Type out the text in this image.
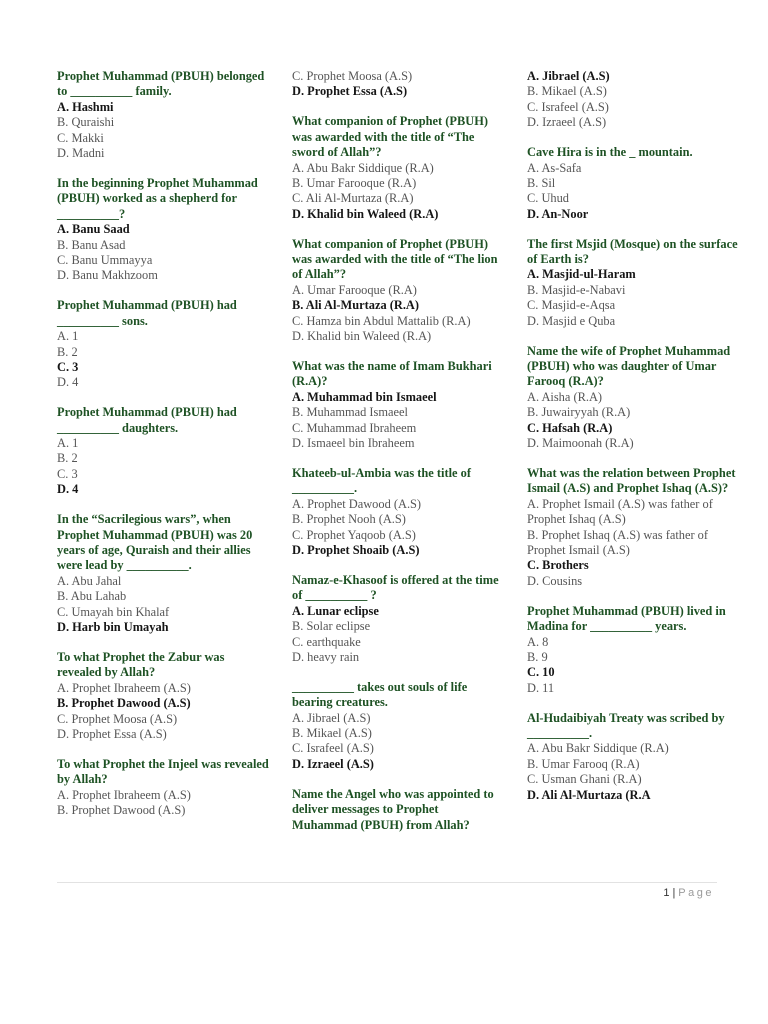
Prophet Muhammad (PBUH) belonged to __________ family.

A. Hashmi

B. Quraishi

C. Makki

D. Madni

In the beginning Prophet Muhammad (PBUH) worked as a shepherd for __________?

A. Banu Saad

B. Banu Asad

C. Banu Ummayya

D. Banu Makhzoom

Prophet Muhammad (PBUH) had __________ sons.

A. 1

B. 2

C. 3

D. 4

Prophet Muhammad (PBUH) had __________ daughters.

A. 1

B. 2

C. 3

D. 4

In the “Sacrilegious wars”, when Prophet Muhammad (PBUH) was 20 years of age, Quraish and their allies were lead by __________.

A. Abu Jahal

B. Abu Lahab

C. Umayah bin Khalaf

D. Harb bin Umayah

To what Prophet the Zabur was revealed by Allah?

A. Prophet Ibraheem (A.S)

B. Prophet Dawood (A.S)

C. Prophet Moosa (A.S)

D. Prophet Essa (A.S)

To what Prophet the Injeel was revealed by Allah?

A. Prophet Ibraheem (A.S)

B. Prophet Dawood (A.S)

C. Prophet Moosa (A.S)

D. Prophet Essa (A.S)

What companion of Prophet (PBUH) was awarded with the title of “The sword of Allah”?

A. Abu Bakr Siddique (R.A)

B. Umar Farooque (R.A)

C. Ali Al-Murtaza (R.A)

D. Khalid bin Waleed (R.A)

What companion of Prophet (PBUH) was awarded with the title of “The lion of Allah”?

A. Umar Farooque (R.A)

B. Ali Al-Murtaza (R.A)

C. Hamza bin Abdul Mattalib (R.A)

D. Khalid bin Waleed (R.A)

What was the name of Imam Bukhari (R.A)?

A. Muhammad bin Ismaeel

B. Muhammad Ismaeel

C. Muhammad Ibraheem

D. Ismaeel bin Ibraheem

Khateeb-ul-Ambia was the title of __________.

A. Prophet Dawood (A.S)

B. Prophet Nooh (A.S)

C. Prophet Yaqoob (A.S)

D. Prophet Shoaib (A.S)

Namaz-e-Khasoof is offered at the time of __________ ?

A. Lunar eclipse

B. Solar eclipse

C. earthquake

D. heavy rain

__________ takes out souls of life bearing creatures.

A. Jibrael (A.S)

B. Mikael (A.S)

C. Israfeel (A.S)

D. Izraeel (A.S)

Name the Angel who was appointed to deliver messages to Prophet Muhammad (PBUH) from Allah?

A. Jibrael (A.S)

B. Mikael (A.S)

C. Israfeel (A.S)

D. Izraeel (A.S)

Cave Hira is in the _ mountain.

A. As-Safa

B. Sil

C. Uhud

D. An-Noor

The first Msjid (Mosque) on the surface of Earth is?

A. Masjid-ul-Haram

B. Masjid-e-Nabavi

C. Masjid-e-Aqsa

D. Masjid e Quba

Name the wife of Prophet Muhammad (PBUH) who was daughter of Umar Farooq (R.A)?

A. Aisha (R.A)

B. Juwairyyah (R.A)

C. Hafsah (R.A)

D. Maimoonah (R.A)

What was the relation between Prophet Ismail (A.S) and Prophet Ishaq (A.S)?

A. Prophet Ismail (A.S) was father of Prophet Ishaq (A.S)

B. Prophet Ishaq (A.S) was father of Prophet Ismail (A.S)

C. Brothers

D. Cousins

Prophet Muhammad (PBUH) lived in Madina for __________ years.

A. 8

B. 9

C. 10

D. 11

Al-Hudaibiyah Treaty was scribed by __________.

A. Abu Bakr Siddique (R.A)

B. Umar Farooq (R.A)

C. Usman Ghani (R.A)

D. Ali Al-Murtaza (R.A

1 | Page
